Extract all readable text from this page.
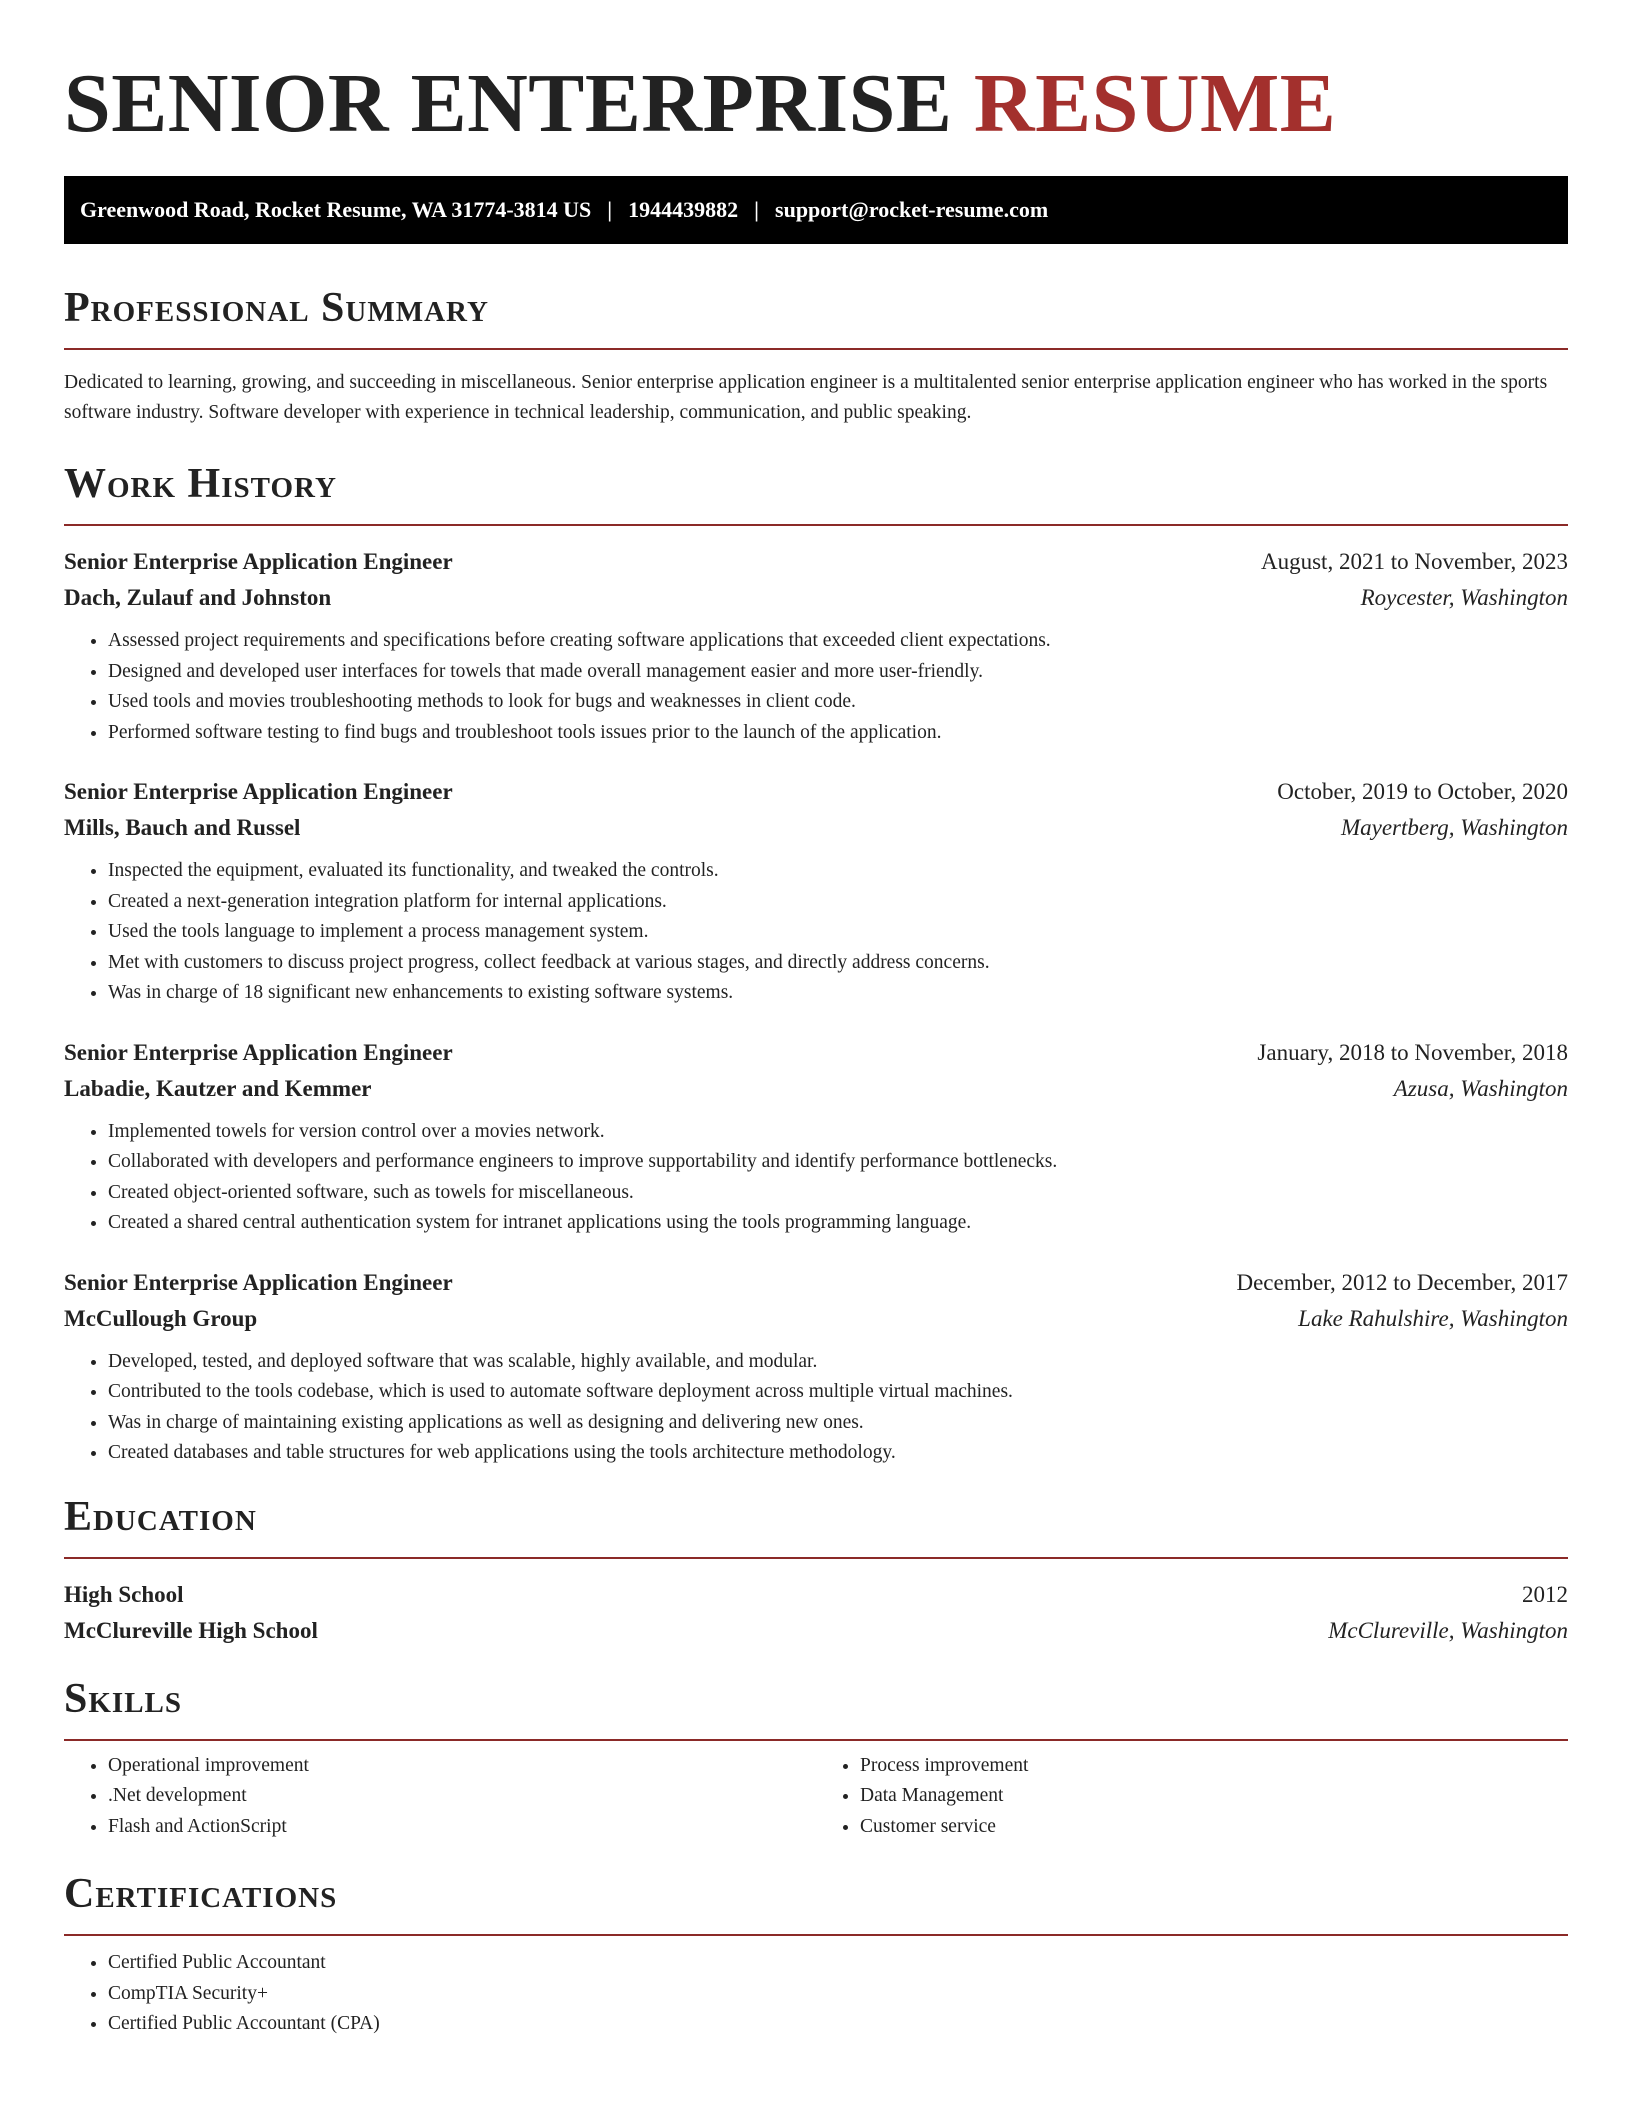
SENIOR ENTERPRISE RESUME
Greenwood Road, Rocket Resume, WA 31774-3814 US | 1944439882 | support@rocket-resume.com
Professional Summary

Dedicated to learning, growing, and succeeding in miscellaneous. Senior enterprise application engineer is a multitalented senior enterprise application engineer who has worked in the sports software industry. Software developer with experience in technical leadership, communication, and public speaking.

Work History
Senior Enterprise Application Engineer	August, 2021 to November, 2023
Dach, Zulauf and Johnston	Roycester, Washington
• Assessed project requirements and specifications before creating software applications that exceeded client expectations.
• Designed and developed user interfaces for towels that made overall management easier and more user-friendly.
• Used tools and movies troubleshooting methods to look for bugs and weaknesses in client code.
• Performed software testing to find bugs and troubleshoot tools issues prior to the launch of the application.
Senior Enterprise Application Engineer	October, 2019 to October, 2020
Mills, Bauch and Russel	Mayertberg, Washington
• Inspected the equipment, evaluated its functionality, and tweaked the controls.
• Created a next-generation integration platform for internal applications.
• Used the tools language to implement a process management system.
• Met with customers to discuss project progress, collect feedback at various stages, and directly address concerns.
• Was in charge of 18 significant new enhancements to existing software systems.
Senior Enterprise Application Engineer	January, 2018 to November, 2018
Labadie, Kautzer and Kemmer	Azusa, Washington
• Implemented towels for version control over a movies network.
• Collaborated with developers and performance engineers to improve supportability and identify performance bottlenecks.
• Created object-oriented software, such as towels for miscellaneous.
• Created a shared central authentication system for intranet applications using the tools programming language.
Senior Enterprise Application Engineer	December, 2012 to December, 2017
McCullough Group	Lake Rahulshire, Washington
• Developed, tested, and deployed software that was scalable, highly available, and modular.
• Contributed to the tools codebase, which is used to automate software deployment across multiple virtual machines.
• Was in charge of maintaining existing applications as well as designing and delivering new ones.
• Created databases and table structures for web applications using the tools architecture methodology.
Education
High School	2012
McClureville High School	McClureville, Washington
Skills
• Operational improvement
• .Net development
• Flash and ActionScript
• Process improvement
• Data Management
• Customer service
Certifications
• Certified Public Accountant
• CompTIA Security+
• Certified Public Accountant (CPA)
